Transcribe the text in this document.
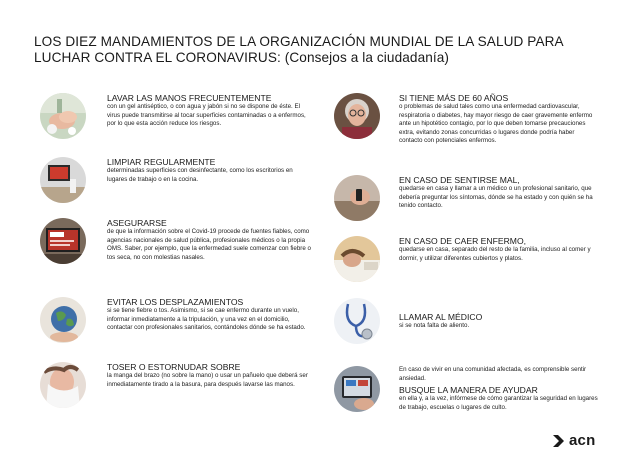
LOS DIEZ MANDAMIENTOS DE LA ORGANIZACIÓN MUNDIAL DE LA SALUD PARA LUCHAR CONTRA EL CORONAVIRUS: (Consejos a la ciudadanía)
LAVAR LAS MANOS FRECUENTEMENTE
con un gel antiséptico, o con agua y jabón si no se dispone de éste. El virus puede transmitirse al tocar superficies contaminadas o a enfermos, por lo que esta acción reduce los riesgos.
LIMPIAR REGULARMENTE
determinadas superficies con desinfectante, como los escritorios en lugares de trabajo o en la cocina.
ASEGURARSE
de que la información sobre el Covid-19 procede de fuentes fiables, como agencias nacionales de salud pública, profesionales médicos o la propia OMS. Saber, por ejemplo, que la enfermedad suele comenzar con fiebre o tos seca, no con molestias nasales.
EVITAR LOS DESPLAZAMIENTOS
si se tiene fiebre o tos. Asimismo, si se cae enfermo durante un vuelo, informar inmediatamente a la tripulación, y una vez en el domicilio, contactar con profesionales sanitarios, contándoles dónde se ha estado.
TOSER O ESTORNUDAR SOBRE
la manga del brazo (no sobre la mano) o usar un pañuelo que deberá ser inmediatamente tirado a la basura, para después lavarse las manos.
SI TIENE MÁS DE 60 AÑOS
o problemas de salud tales como una enfermedad cardiovascular, respiratoria o diabetes, hay mayor riesgo de caer gravemente enfermo ante un hipotético contagio, por lo que deben tomarse precauciones extra, evitando zonas concurridas o lugares donde podría haber contacto con potenciales enfermos.
EN CASO DE SENTIRSE MAL,
quedarse en casa y llamar a un médico o un profesional sanitario, que debería preguntar los síntomas, dónde se ha estado y con quién se ha tenido contacto.
EN CASO DE CAER ENFERMO,
quedarse en casa, separado del resto de la familia, incluso al comer y dormir, y utilizar diferentes cubiertos y platos.
LLAMAR AL MÉDICO
si se nota falta de aliento.
En caso de vivir en una comunidad afectada, es comprensible sentir ansiedad.
BUSQUE LA MANERA DE AYUDAR
en ella y, a la vez, infórmese de cómo garantizar la seguridad en lugares de trabajo, escuelas o lugares de culto.
acn
